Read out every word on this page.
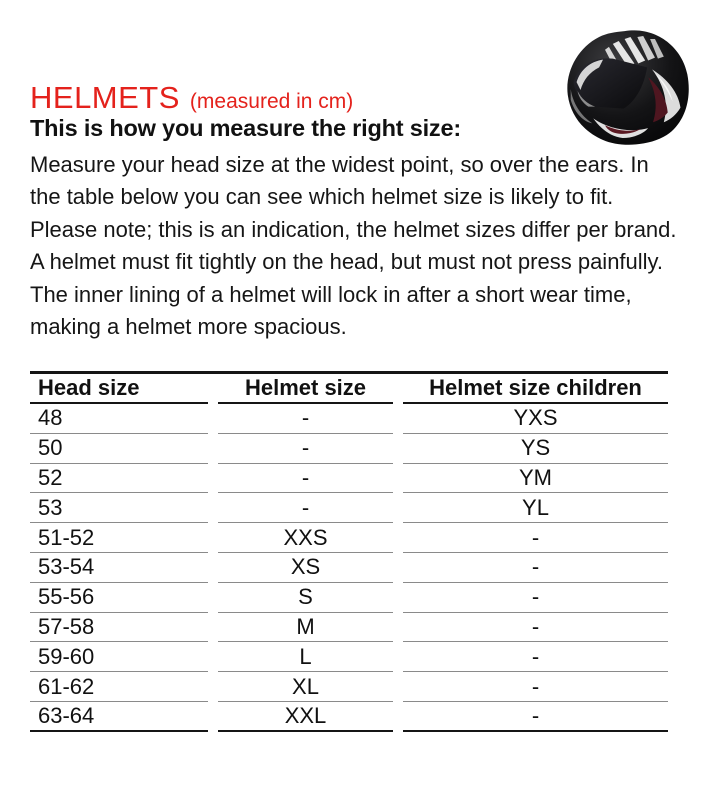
HELMETS (measured in cm)
This is how you measure the right size:
Measure your head size at the widest point, so over the ears. In
the table below you can see which helmet size is likely to fit.
Please note; this is an indication, the helmet sizes differ per brand.
A helmet must fit tightly on the head, but must not press painfully.
The inner lining of a helmet will lock in after a short wear time,
making a helmet more spacious.
Head size	Helmet size	Helmet size children
48	-	YXS
50	-	YS
52	-	YM
53	-	YL
51-52	XXS	-
53-54	XS	-
55-56	S	-
57-58	M	-
59-60	L	-
61-62	XL	-
63-64	XXL	-
